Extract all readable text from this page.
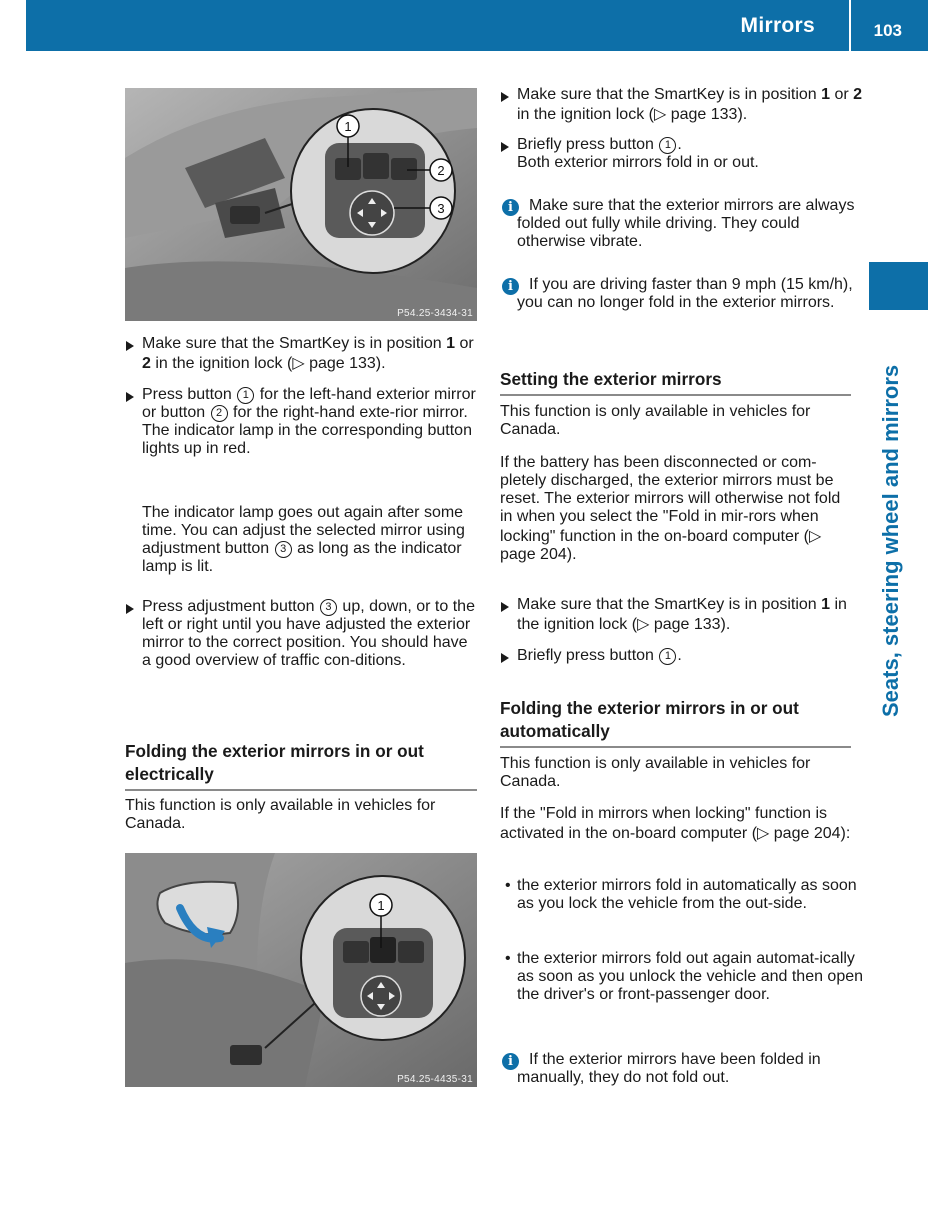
Mirrors	103
Seats, steering wheel and mirrors
1
2
3
P54.25-3434-31
Make sure that the SmartKey is in position 1 or 2 in the ignition lock (▷ page 133).
Press button 1 for the left-hand exterior mirror or button 2 for the right-hand exte-rior mirror.
The indicator lamp in the corresponding button lights up in red.
The indicator lamp goes out again after some time. You can adjust the selected mirror using adjustment button 3 as long as the indicator lamp is lit.
Press adjustment button 3 up, down, or to the left or right until you have adjusted the exterior mirror to the correct position. You should have a good overview of traffic con-ditions.
Folding the exterior mirrors in or out electrically
This function is only available in vehicles for Canada.
1
P54.25-4435-31
Make sure that the SmartKey is in position 1 or 2 in the ignition lock (▷ page 133).
Briefly press button 1 .
Both exterior mirrors fold in or out.
i	Make sure that the exterior mirrors are always folded out fully while driving. They could otherwise vibrate.
i	If you are driving faster than 9 mph (15 km/h), you can no longer fold in the exterior mirrors.
Setting the exterior mirrors
This function is only available in vehicles for Canada.
If the battery has been disconnected or com-pletely discharged, the exterior mirrors must be reset. The exterior mirrors will otherwise not fold in when you select the "Fold in mir-rors when locking" function in the on-board computer (▷ page 204).
Make sure that the SmartKey is in position 1 in the ignition lock (▷ page 133).
Briefly press button 1 .
Folding the exterior mirrors in or out automatically
This function is only available in vehicles for Canada.
If the "Fold in mirrors when locking" function is activated in the on-board computer (▷ page 204):
• the exterior mirrors fold in automatically as soon as you lock the vehicle from the out-side.
• the exterior mirrors fold out again automat-ically as soon as you unlock the vehicle and then open the driver's or front-passenger door.
i	If the exterior mirrors have been folded in manually, they do not fold out.
